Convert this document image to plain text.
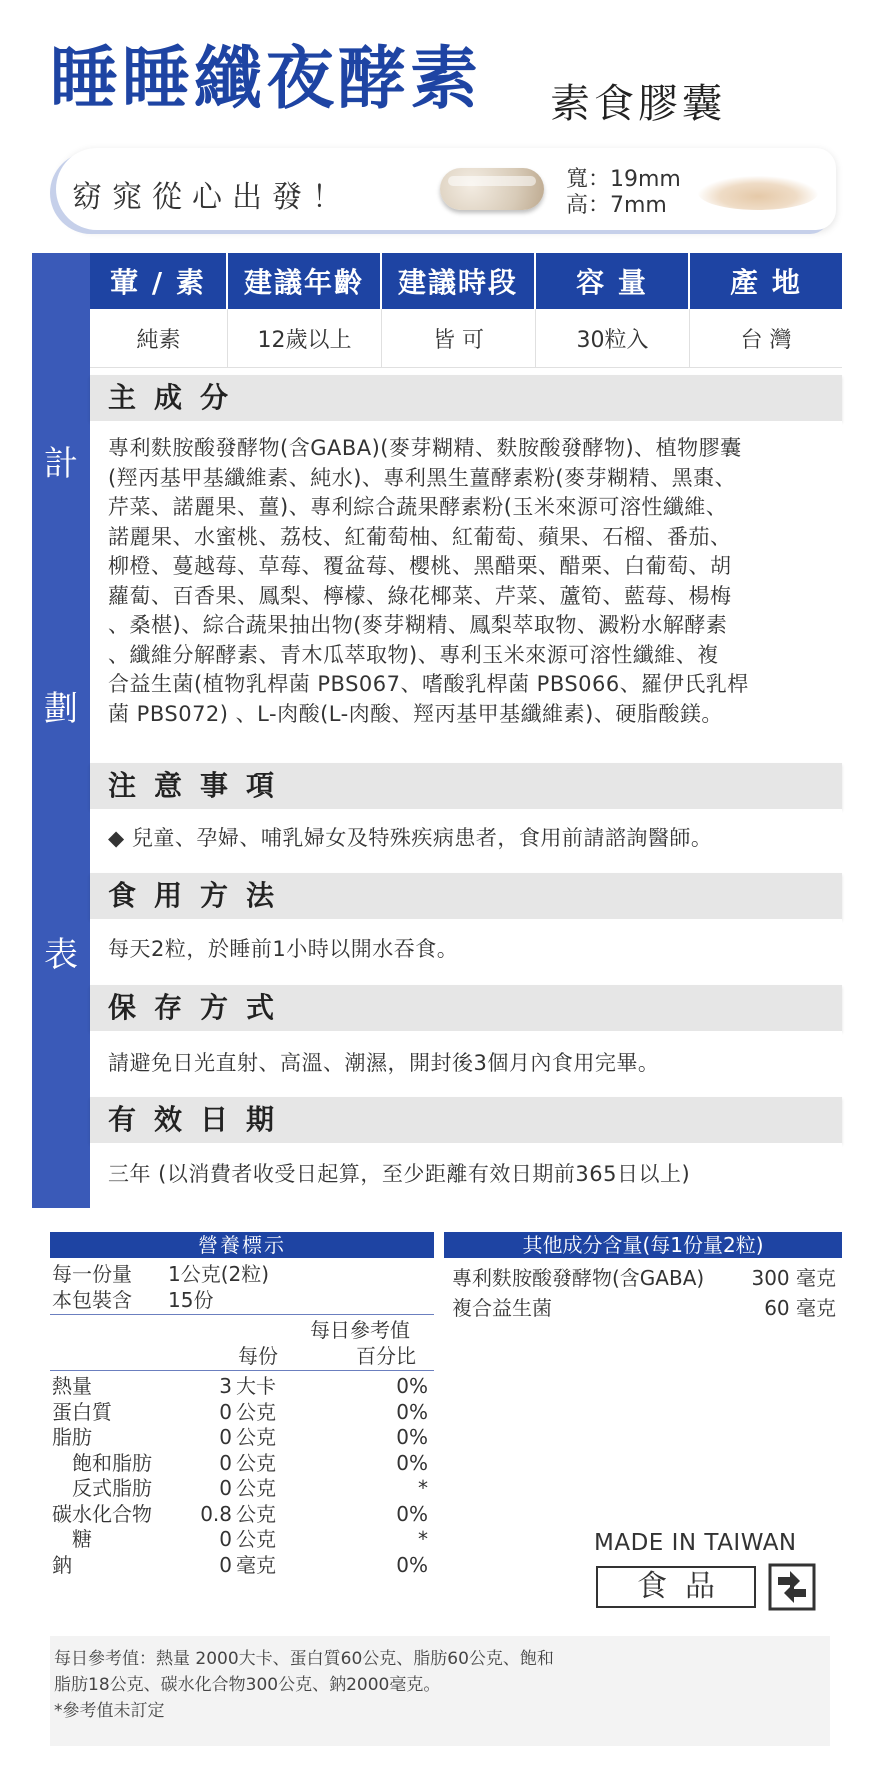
睡睡纖夜酵素 素食膠囊
窈窕從心出發！
寬：19mm
高：7mm
計
劃
表
葷 / 素	建議年齡	建議時段	容 量	產 地
純素	12歲以上	皆 可	30粒入	台 灣
主成分
專利麩胺酸發酵物(含GABA)(麥芽糊精、麩胺酸發酵物)、植物膠囊
(羥丙基甲基纖維素、純水)、專利黑生薑酵素粉(麥芽糊精、黑棗、
芹菜、諾麗果、薑)、專利綜合蔬果酵素粉(玉米來源可溶性纖維、
諾麗果、水蜜桃、荔枝、紅葡萄柚、紅葡萄、蘋果、石榴、番茄、
柳橙、蔓越莓、草莓、覆盆莓、櫻桃、黑醋栗、醋栗、白葡萄、胡
蘿蔔、百香果、鳳梨、檸檬、綠花椰菜、芹菜、蘆筍、藍莓、楊梅
、桑椹)、綜合蔬果抽出物(麥芽糊精、鳳梨萃取物、澱粉水解酵素
、纖維分解酵素、青木瓜萃取物)、專利玉米來源可溶性纖維、複
合益生菌(植物乳桿菌 PBS067、嗜酸乳桿菌 PBS066、羅伊氏乳桿
菌 PBS072) 、L-肉酸(L-肉酸、羥丙基甲基纖維素)、硬脂酸鎂。
注意事項
◆ 兒童、孕婦、哺乳婦女及特殊疾病患者，食用前請諮詢醫師。
食用方法
每天2粒，於睡前1小時以開水吞食。
保存方式
請避免日光直射、高溫、潮濕，開封後3個月內食用完畢。
有效日期
三年 (以消費者收受日起算，至少距離有效日期前365日以上)
營養標示
每一份量 1公克(2粒)
本包裝含 15份
每日參考值
百分比
每份
熱量	3 大卡	0%
蛋白質	0 公克	0%
脂肪	0 公克	0%
飽和脂肪	0 公克	0%
反式脂肪	0 公克	*
碳水化合物	0.8 公克	0%
糖	0 公克	*
鈉	0 毫克	0%
其他成分含量(每1份量2粒)
專利麩胺酸發酵物(含GABA)	300 毫克
複合益生菌	60 毫克
MADE IN TAIWAN
食品
每日參考值：熱量 2000大卡、蛋白質60公克、脂肪60公克、飽和
脂肪18公克、碳水化合物300公克、鈉2000毫克。
*參考值未訂定
